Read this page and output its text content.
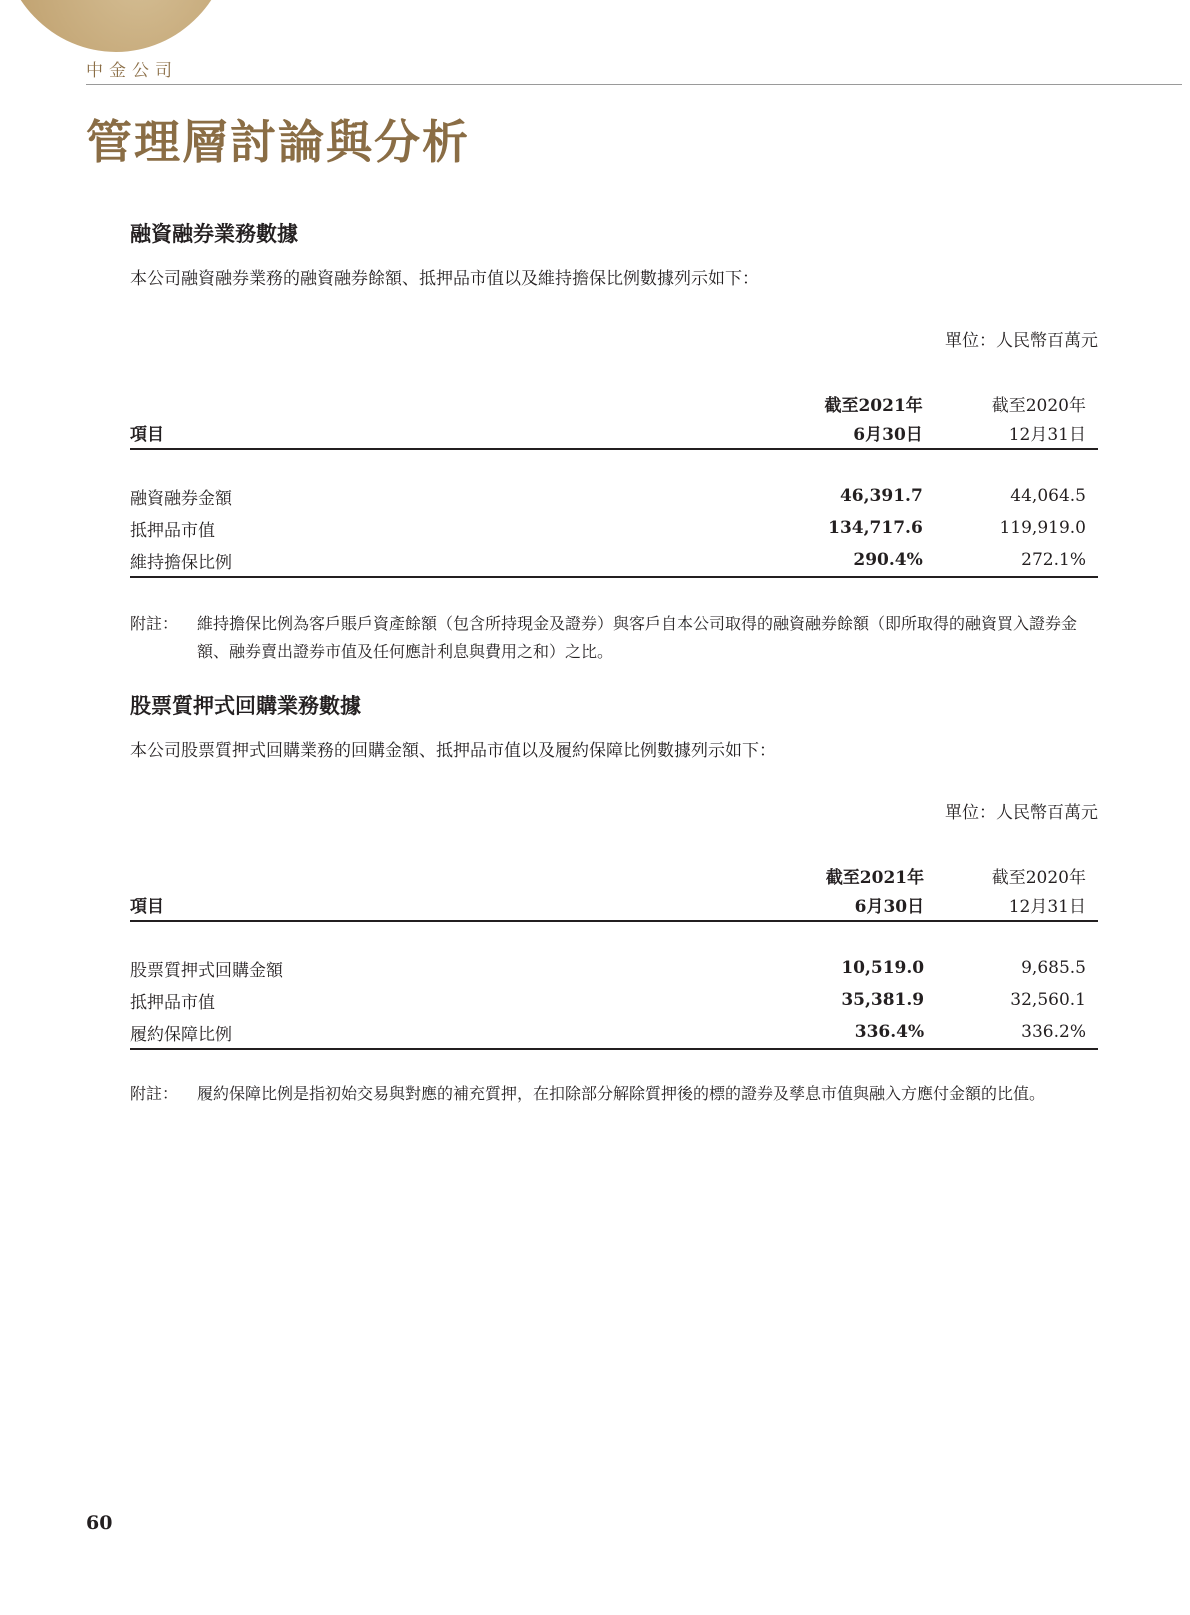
中金公司
管理層討論與分析
融資融券業務數據
本公司融資融券業務的融資融券餘額、抵押品市值以及維持擔保比例數據列示如下：
單位：人民幣百萬元
	截至2021年	截至2020年
項目	6月30日	12月31日

融資融券金額	46,391.7	44,064.5
抵押品市值	134,717.6	119,919.0
維持擔保比例	290.4%	272.1%
附註：	維持擔保比例為客戶賬戶資產餘額（包含所持現金及證券）與客戶自本公司取得的融資融券餘額（即所取得的融資買入證券金額、融券賣出證券市值及任何應計利息與費用之和）之比。
股票質押式回購業務數據
本公司股票質押式回購業務的回購金額、抵押品市值以及履約保障比例數據列示如下：
單位：人民幣百萬元
	截至2021年	截至2020年
項目	6月30日	12月31日

股票質押式回購金額	10,519.0	9,685.5
抵押品市值	35,381.9	32,560.1
履約保障比例	336.4%	336.2%
附註：	履約保障比例是指初始交易與對應的補充質押，在扣除部分解除質押後的標的證券及孳息市值與融入方應付金額的比值。
60
